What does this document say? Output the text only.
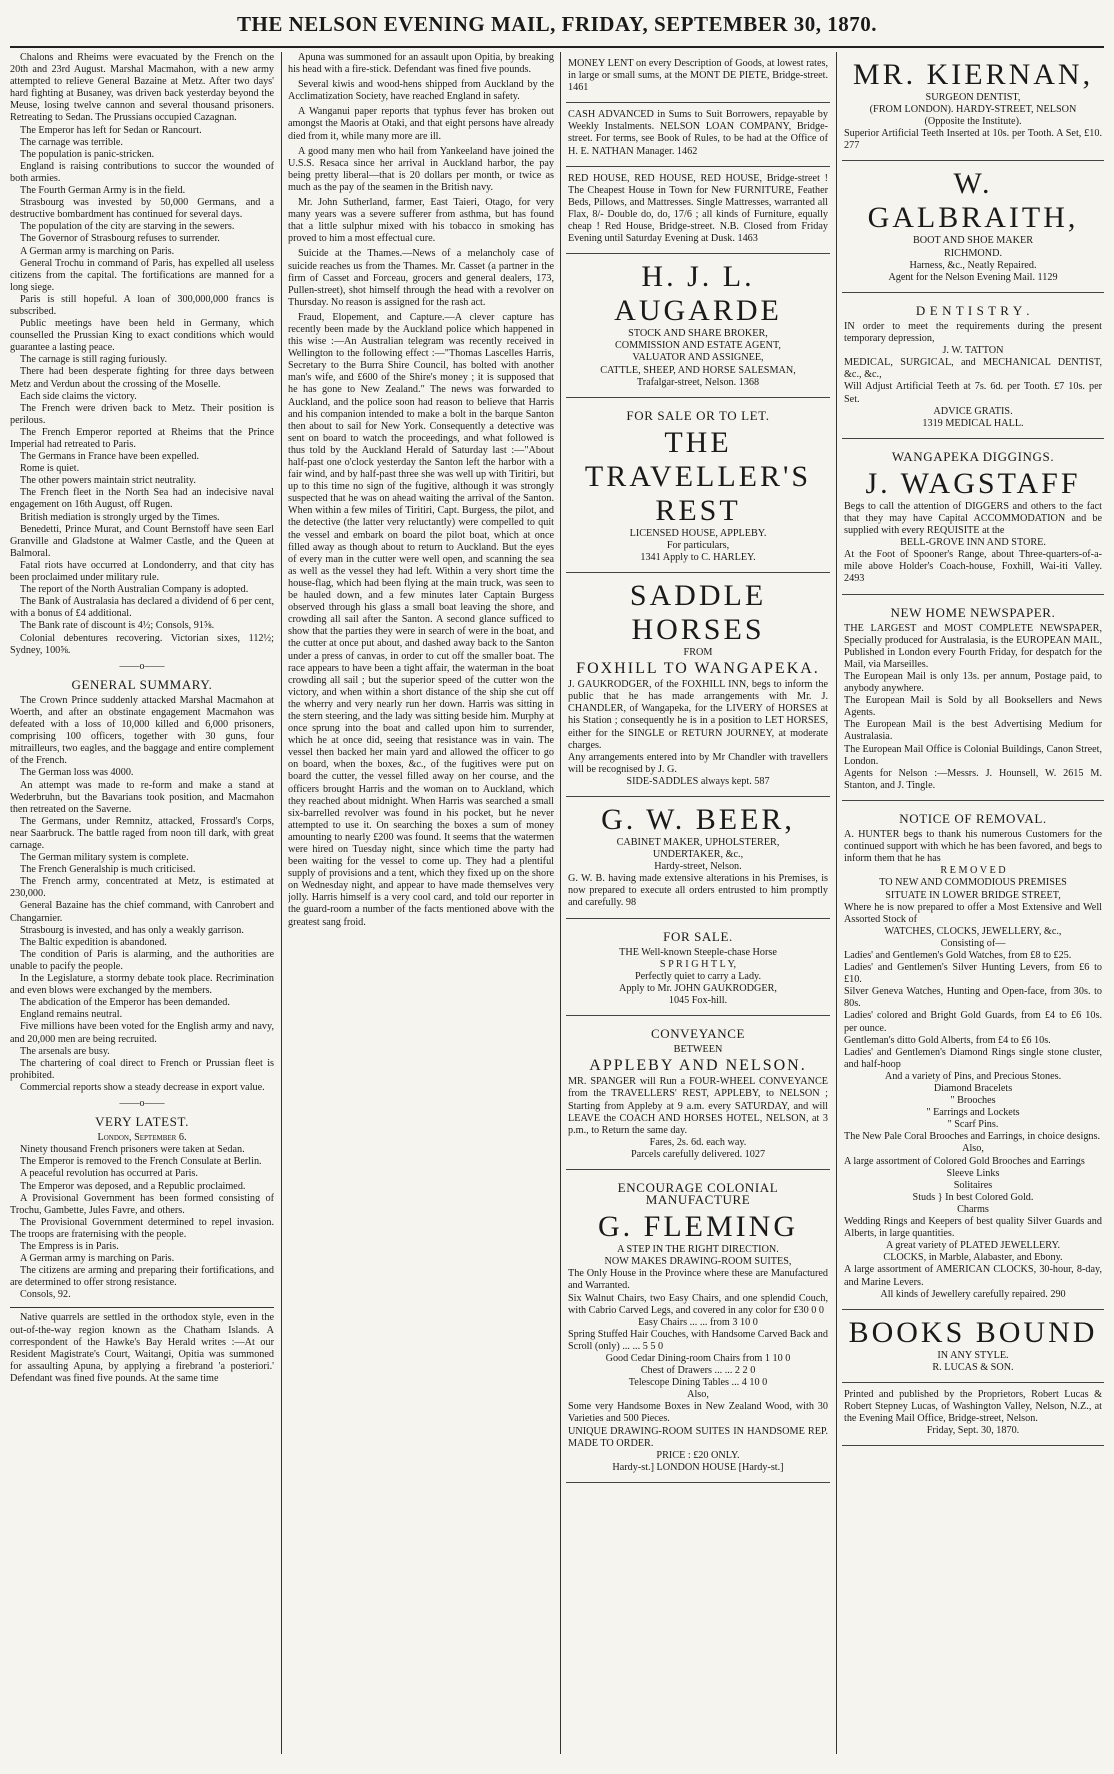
THE NELSON EVENING MAIL, FRIDAY, SEPTEMBER 30, 1870.

Chalons and Rheims were evacuated by the French on the 20th and 23rd August. Marshal Macmahon, with a new army attempted to relieve General Bazaine at Metz. After two days' hard fighting at Busaney, was driven back yesterday beyond the Meuse, losing twelve cannon and several thousand prisoners. Retreating to Sedan. The Prussians occupied Cazagnan.

The Emperor has left for Sedan or Rancourt.

The carnage was terrible.

The population is panic-stricken.

England is raising contributions to succor the wounded of both armies.

The Fourth German Army is in the field.

Strasbourg was invested by 50,000 Germans, and a destructive bombardment has continued for several days.

The population of the city are starving in the sewers.

The Governor of Strasbourg refuses to surrender.

A German army is marching on Paris.

General Trochu in command of Paris, has expelled all useless citizens from the capital. The fortifications are manned for a long siege.

Paris is still hopeful. A loan of 300,000,000 francs is subscribed.

Public meetings have been held in Germany, which counselled the Prussian King to exact conditions which would guarantee a lasting peace.

The carnage is still raging furiously.

There had been desperate fighting for three days between Metz and Verdun about the crossing of the Moselle.

Each side claims the victory.

The French were driven back to Metz. Their position is perilous.

The French Emperor reported at Rheims that the Prince Imperial had retreated to Paris.

The Germans in France have been expelled.

Rome is quiet.

The other powers maintain strict neutrality.

The French fleet in the North Sea had an indecisive naval engagement on 16th August, off Rugen.

British mediation is strongly urged by the Times.

Benedetti, Prince Murat, and Count Bernstoff have seen Earl Granville and Gladstone at Walmer Castle, and the Queen at Balmoral.

Fatal riots have occurred at Londonderry, and that city has been proclaimed under military rule.

The report of the North Australian Company is adopted.

The Bank of Australasia has declared a dividend of 6 per cent, with a bonus of £4 additional.

The Bank rate of discount is 4½; Consols, 91⅝.

Colonial debentures recovering. Victorian sixes, 112½; Sydney, 100⅝.

——o——
GENERAL SUMMARY.

The Crown Prince suddenly attacked Marshal Macmahon at Woerth, and after an obstinate engagement Macmahon was defeated with a loss of 10,000 killed and 6,000 prisoners, comprising 100 officers, together with 30 guns, four mitrailleurs, two eagles, and the baggage and entire complement of the French.

The German loss was 4000.

An attempt was made to re-form and make a stand at Wederbruhn, but the Bavarians took position, and Macmahon then retreated on the Saverne.

The Germans, under Remnitz, attacked, Frossard's Corps, near Saarbruck. The battle raged from noon till dark, with great carnage.

The German military system is complete.

The French Generalship is much criticised.

The French army, concentrated at Metz, is estimated at 230,000.

General Bazaine has the chief command, with Canrobert and Changarnier.

Strasbourg is invested, and has only a weakly garrison.

The Baltic expedition is abandoned.

The condition of Paris is alarming, and the authorities are unable to pacify the people.

In the Legislature, a stormy debate took place. Recrimination and even blows were exchanged by the members.

The abdication of the Emperor has been demanded.

England remains neutral.

Five millions have been voted for the English army and navy, and 20,000 men are being recruited.

The arsenals are busy.

The chartering of coal direct to French or Prussian fleet is prohibited.

Commercial reports show a steady decrease in export value.

——o——
VERY LATEST.
London, September 6.

Ninety thousand French prisoners were taken at Sedan.

The Emperor is removed to the French Consulate at Berlin.

A peaceful revolution has occurred at Paris.

The Emperor was deposed, and a Republic proclaimed.

A Provisional Government has been formed consisting of Trochu, Gambette, Jules Favre, and others.

The Provisional Government determined to repel invasion. The troops are fraternising with the people.

The Empress is in Paris.

A German army is marching on Paris.

The citizens are arming and preparing their fortifications, and are determined to offer strong resistance.

Consols, 92.

Native quarrels are settled in the orthodox style, even in the out-of-the-way region known as the Chatham Islands. A correspondent of the Hawke's Bay Herald writes :—At our Resident Magistrate's Court, Waitangi, Opitia was summoned for assaulting Apuna, by applying a firebrand 'a posteriori.' Defendant was fined five pounds. At the same time

Apuna was summoned for an assault upon Opitia, by breaking his head with a fire-stick. Defendant was fined five pounds.

Several kiwis and wood-hens shipped from Auckland by the Acclimatization Society, have reached England in safety.

A Wanganui paper reports that typhus fever has broken out amongst the Maoris at Otaki, and that eight persons have already died from it, while many more are ill.

A good many men who hail from Yankeeland have joined the U.S.S. Resaca since her arrival in Auckland harbor, the pay being pretty liberal—that is 20 dollars per month, or twice as much as the pay of the seamen in the British navy.

Mr. John Sutherland, farmer, East Taieri, Otago, for very many years was a severe sufferer from asthma, but has found that a little sulphur mixed with his tobacco in smoking has proved to him a most effectual cure.

Suicide at the Thames.—News of a melancholy case of suicide reaches us from the Thames. Mr. Casset (a partner in the firm of Casset and Forceau, grocers and general dealers, 173, Pullen-street), shot himself through the head with a revolver on Thursday. No reason is assigned for the rash act.

Fraud, Elopement, and Capture.—A clever capture has recently been made by the Auckland police which happened in this wise :—An Australian telegram was recently received in Wellington to the following effect :—"Thomas Lascelles Harris, Secretary to the Burra Shire Council, has bolted with another man's wife, and £600 of the Shire's money ; it is supposed that he has gone to New Zealand." The news was forwarded to Auckland, and the police soon had reason to believe that Harris and his companion intended to make a bolt in the barque Santon then about to sail for New York. Consequently a detective was sent on board to watch the proceedings, and what followed is thus told by the Auckland Herald of Saturday last :—"About half-past one o'clock yesterday the Santon left the harbor with a fair wind, and by half-past three she was well up with Tiritiri, but up to this time no sign of the fugitive, although it was strongly suspected that he was on ahead waiting the arrival of the Santon. When within a few miles of Tiritiri, Capt. Burgess, the pilot, and the detective (the latter very reluctantly) were compelled to quit the vessel and embark on board the pilot boat, which at once filled away as though about to return to Auckland. But the eyes of every man in the cutter were well open, and scanning the sea as well as the vessel they had left. Within a very short time the house-flag, which had been flying at the main truck, was seen to be hauled down, and a few minutes later Captain Burgess observed through his glass a small boat leaving the shore, and crowding all sail after the Santon. A second glance sufficed to show that the parties they were in search of were in the boat, and the cutter at once put about, and dashed away back to the Santon under a press of canvas, in order to cut off the smaller boat. The race appears to have been a tight affair, the waterman in the boat crowding all sail ; but the superior speed of the cutter won the victory, and when within a short distance of the ship she cut off the wherry and very nearly run her down. Harris was sitting in the stern steering, and the lady was sitting beside him. Murphy at once sprung into the boat and called upon him to surrender, which he at once did, seeing that resistance was in vain. The vessel then backed her main yard and allowed the officer to go on board, when the boxes, &c., of the fugitives were put on board the cutter, the vessel filled away on her course, and the officers brought Harris and the woman on to Auckland, which they reached about midnight. When Harris was searched a small six-barrelled revolver was found in his pocket, but he never attempted to use it. On searching the boxes a sum of money amounting to nearly £200 was found. It seems that the watermen were hired on Tuesday night, since which time the party had been waiting for the vessel to come up. They had a plentiful supply of provisions and a tent, which they fixed up on the shore on Wednesday night, and appear to have made themselves very jolly. Harris himself is a very cool card, and told our reporter in the guard-room a number of the facts mentioned above with the greatest sang froid.

MONEY LENT on every Description of Goods, at lowest rates, in large or small sums, at the MONT DE PIETE, Bridge-street. 1461

CASH ADVANCED in Sums to Suit Borrowers, repayable by Weekly Instalments. NELSON LOAN COMPANY, Bridge-street. For terms, see Book of Rules, to be had at the Office of H. E. NATHAN Manager. 1462

RED HOUSE, RED HOUSE, RED HOUSE, Bridge-street ! The Cheapest House in Town for New FURNITURE, Feather Beds, Pillows, and Mattresses. Single Mattresses, warranted all Flax, 8/- Double do, do, 17/6 ; all kinds of Furniture, equally cheap ! Red House, Bridge-street. N.B. Closed from Friday Evening until Saturday Evening at Dusk. 1463

H. J. L. AUGARDE

STOCK AND SHARE BROKER,

COMMISSION AND ESTATE AGENT,

VALUATOR AND ASSIGNEE,

CATTLE, SHEEP, AND HORSE SALESMAN,

Trafalgar-street, Nelson. 1368

FOR SALE OR TO LET.
THE TRAVELLER'S REST

LICENSED HOUSE, APPLEBY.

For particulars,

1341 Apply to C. HARLEY.

SADDLE HORSES
FROM
FOXHILL TO WANGAPEKA.

J. GAUKRODGER, of the FOXHILL INN, begs to inform the public that he has made arrangements with Mr. J. CHANDLER, of Wangapeka, for the LIVERY of HORSES at his Station ; consequently he is in a position to LET HORSES, either for the SINGLE or RETURN JOURNEY, at moderate charges.

Any arrangements entered into by Mr Chandler with travellers will be recognised by J. G.

SIDE-SADDLES always kept. 587

G. W. BEER,

CABINET MAKER, UPHOLSTERER,

UNDERTAKER, &c.,

Hardy-street, Nelson.

G. W. B. having made extensive alterations in his Premises, is now prepared to execute all orders entrusted to him promptly and carefully. 98

FOR SALE.

THE Well-known Steeple-chase Horse

S P R I G H T L Y,

Perfectly quiet to carry a Lady.

Apply to Mr. JOHN GAUKRODGER,

1045 Fox-hill.

CONVEYANCE
BETWEEN
APPLEBY AND NELSON.

MR. SPANGER will Run a FOUR-WHEEL CONVEYANCE from the TRAVELLERS' REST, APPLEBY, to NELSON ; Starting from Appleby at 9 a.m. every SATURDAY, and will LEAVE the COACH AND HORSES HOTEL, NELSON, at 3 p.m., to Return the same day.

Fares, 2s. 6d. each way.

Parcels carefully delivered. 1027

ENCOURAGE COLONIAL MANUFACTURE
G. FLEMING
A STEP IN THE RIGHT DIRECTION.

NOW MAKES DRAWING-ROOM SUITES,

The Only House in the Province where these are Manufactured and Warranted.

Six Walnut Chairs, two Easy Chairs, and one splendid Couch, with Cabrio Carved Legs, and covered in any color for £30 0 0

Easy Chairs ... ... from 3 10 0

Spring Stuffed Hair Couches, with Handsome Carved Back and Scroll (only) ... ... 5 5 0

Good Cedar Dining-room Chairs from 1 10 0

Chest of Drawers ... ... 2 2 0

Telescope Dining Tables ... 4 10 0

Also,

Some very Handsome Boxes in New Zealand Wood, with 30 Varieties and 500 Pieces.

UNIQUE DRAWING-ROOM SUITES IN HANDSOME REP. MADE TO ORDER.

PRICE : £20 ONLY.

Hardy-st.] LONDON HOUSE [Hardy-st.]

MR. KIERNAN,

SURGEON DENTIST,

(FROM LONDON). HARDY-STREET, NELSON

(Opposite the Institute).

Superior Artificial Teeth Inserted at 10s. per Tooth. A Set, £10. 277

W. GALBRAITH,

BOOT AND SHOE MAKER

RICHMOND.

Harness, &c., Neatly Repaired.

Agent for the Nelson Evening Mail. 1129

D E N T I S T R Y .

IN order to meet the requirements during the present temporary depression,

J. W. TATTON

MEDICAL, SURGICAL, and MECHANICAL DENTIST, &c., &c.,

Will Adjust Artificial Teeth at 7s. 6d. per Tooth. £7 10s. per Set.

ADVICE GRATIS.

1319 MEDICAL HALL.

WANGAPEKA DIGGINGS.
J. WAGSTAFF

Begs to call the attention of DIGGERS and others to the fact that they may have Capital ACCOMMODATION and be supplied with every REQUISITE at the

BELL-GROVE INN AND STORE.

At the Foot of Spooner's Range, about Three-quarters-of-a-mile above Holder's Coach-house, Foxhill, Wai-iti Valley. 2493

NEW HOME NEWSPAPER.

THE LARGEST and MOST COMPLETE NEWSPAPER, Specially produced for Australasia, is the EUROPEAN MAIL, Published in London every Fourth Friday, for despatch for the Mail, via Marseilles.

The European Mail is only 13s. per annum, Postage paid, to anybody anywhere.

The European Mail is Sold by all Booksellers and News Agents.

The European Mail is the best Advertising Medium for Australasia.

The European Mail Office is Colonial Buildings, Canon Street, London.

Agents for Nelson :—Messrs. J. Hounsell, W. 2615 M. Stanton, and J. Tingle.

NOTICE OF REMOVAL.

A. HUNTER begs to thank his numerous Customers for the continued support with which he has been favored, and begs to inform them that he has

R E M O V E D

TO NEW AND COMMODIOUS PREMISES

SITUATE IN LOWER BRIDGE STREET,

Where he is now prepared to offer a Most Extensive and Well Assorted Stock of

WATCHES, CLOCKS, JEWELLERY, &c.,

Consisting of—

Ladies' and Gentlemen's Gold Watches, from £8 to £25.

Ladies' and Gentlemen's Silver Hunting Levers, from £6 to £10.

Silver Geneva Watches, Hunting and Open-face, from 30s. to 80s.

Ladies' colored and Bright Gold Guards, from £4 to £6 10s. per ounce.

Gentleman's ditto Gold Alberts, from £4 to £6 10s.

Ladies' and Gentlemen's Diamond Rings single stone cluster, and half-hoop

And a variety of Pins, and Precious Stones.

Diamond Bracelets

" Brooches

" Earrings and Lockets

" Scarf Pins.

The New Pale Coral Brooches and Earrings, in choice designs.

Also,

A large assortment of Colored Gold Brooches and Earrings

Sleeve Links

Solitaires

Studs } In best Colored Gold.

Charms

Wedding Rings and Keepers of best quality Silver Guards and Alberts, in large quantities.

A great variety of PLATED JEWELLERY.

CLOCKS, in Marble, Alabaster, and Ebony.

A large assortment of AMERICAN CLOCKS, 30-hour, 8-day, and Marine Levers.

All kinds of Jewellery carefully repaired. 290

BOOKS BOUND

IN ANY STYLE.

R. LUCAS & SON.

Printed and published by the Proprietors, Robert Lucas & Robert Stepney Lucas, of Washington Valley, Nelson, N.Z., at the Evening Mail Office, Bridge-street, Nelson.

Friday, Sept. 30, 1870.
